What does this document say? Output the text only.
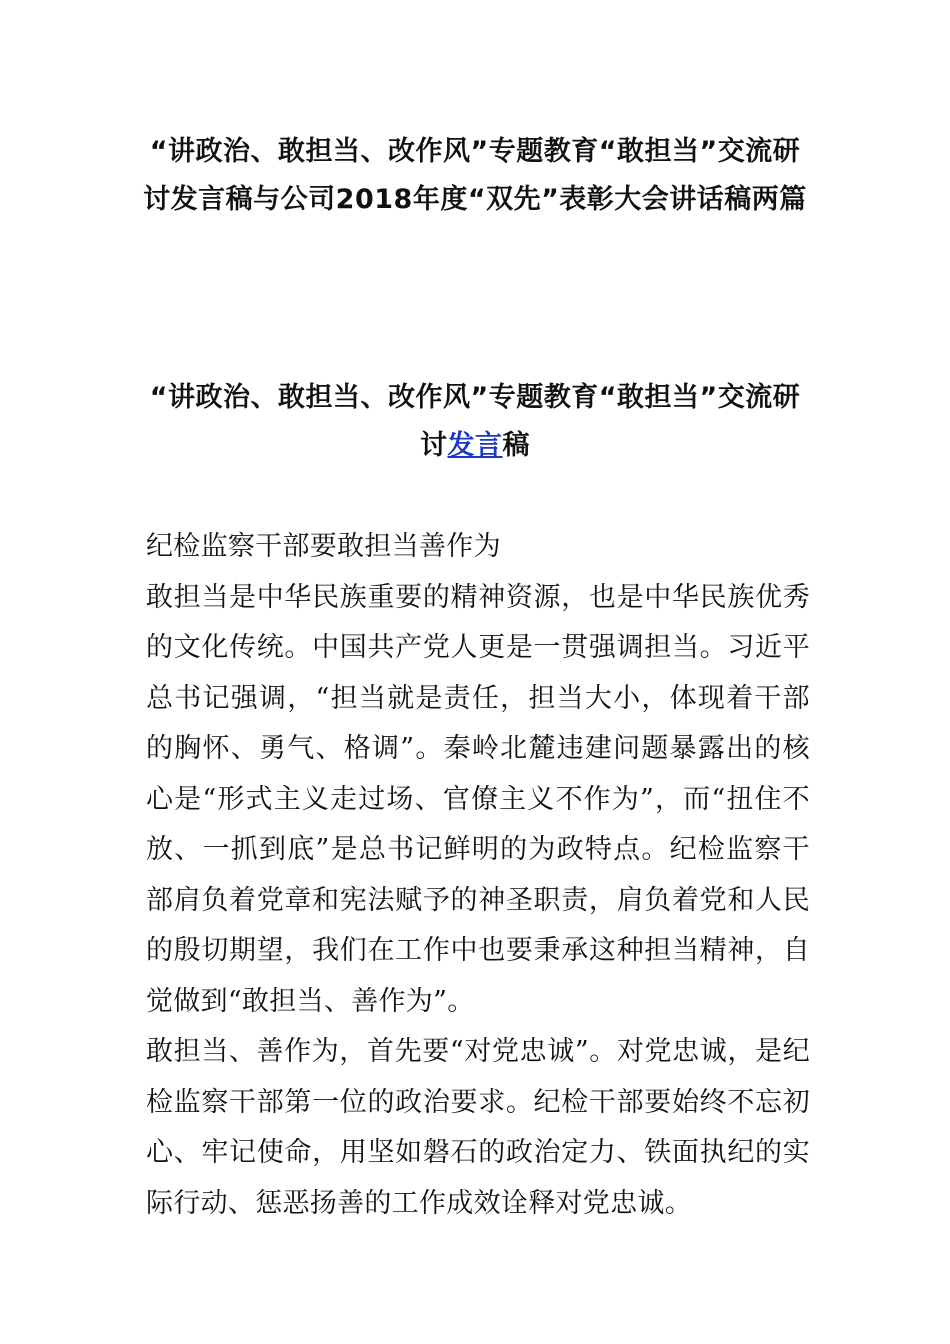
“讲政治、敢担当、改作风”专题教育“敢担当”交流研讨发言稿与公司2018年度“双先”表彰大会讲话稿两篇
“讲政治、敢担当、改作风”专题教育“敢担当”交流研讨发言稿

纪检监察干部要敢担当善作为

敢担当是中华民族重要的精神资源，也是中华民族优秀的文化传统。中国共产党人更是一贯强调担当。习近平总书记强调，“担当就是责任，担当大小，体现着干部的胸怀、勇气、格调”。秦岭北麓违建问题暴露出的核心是“形式主义走过场、官僚主义不作为”，而“扭住不放、一抓到底”是总书记鲜明的为政特点。纪检监察干部肩负着党章和宪法赋予的神圣职责，肩负着党和人民的殷切期望，我们在工作中也要秉承这种担当精神，自觉做到“敢担当、善作为”。

敢担当、善作为，首先要“对党忠诚”。对党忠诚，是纪检监察干部第一位的政治要求。纪检干部要始终不忘初心、牢记使命，用坚如磐石的政治定力、铁面执纪的实际行动、惩恶扬善的工作成效诠释对党忠诚。
